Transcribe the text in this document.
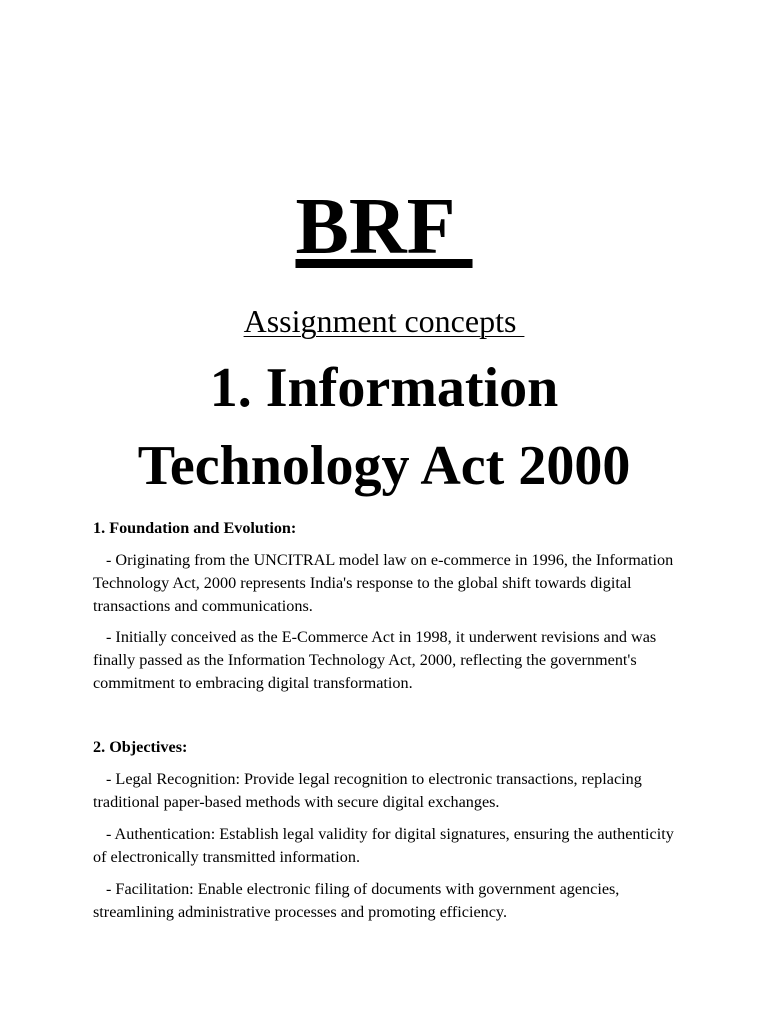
BRF
Assignment concepts
1. Information
Technology Act 2000
1. Foundation and Evolution:
- Originating from the UNCITRAL model law on e-commerce in 1996, the Information Technology Act, 2000 represents India's response to the global shift towards digital transactions and communications.
- Initially conceived as the E-Commerce Act in 1998, it underwent revisions and was finally passed as the Information Technology Act, 2000, reflecting the government's commitment to embracing digital transformation.
2. Objectives:
- Legal Recognition: Provide legal recognition to electronic transactions, replacing traditional paper-based methods with secure digital exchanges.
- Authentication: Establish legal validity for digital signatures, ensuring the authenticity of electronically transmitted information.
- Facilitation: Enable electronic filing of documents with government agencies, streamlining administrative processes and promoting efficiency.
